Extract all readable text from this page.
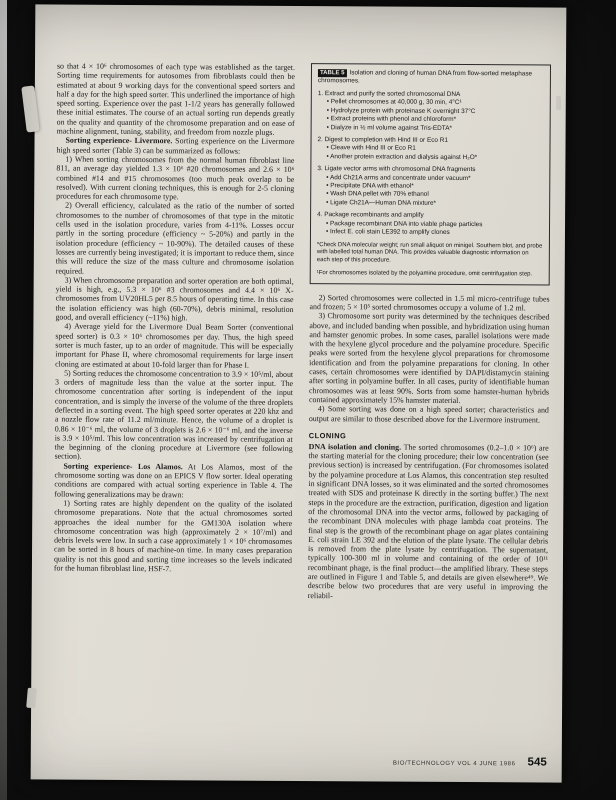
so that 4 × 10⁶ chromosomes of each type was established as the target. Sorting time requirements for autosomes from fibroblasts could then be estimated at about 9 working days for the conventional speed sorters and half a day for the high speed sorter. This underlined the importance of high speed sorting. Experience over the past 1-1/2 years has generally followed these initial estimates. The course of an actual sorting run depends greatly on the quality and quantity of the chromosome preparation and on ease of machine alignment, tuning, stability, and freedom from nozzle plugs.

Sorting experience- Livermore. Sorting experience on the Livermore high speed sorter (Table 3) can be summarized as follows:

1) When sorting chromosomes from the normal human fibroblast line 811, an average day yielded 1.3 × 10⁶ #20 chromosomes and 2.6 × 10⁶ combined #14 and #15 chromosomes (too much peak overlap to be resolved). With current cloning techniques, this is enough for 2-5 cloning procedures for each chromosome type.

2) Overall efficiency, calculated as the ratio of the number of sorted chromosomes to the number of chromosomes of that type in the mitotic cells used in the isolation procedure, varies from 4-11%. Losses occur partly in the sorting procedure (efficiency ~ 5-20%) and partly in the isolation procedure (efficiency ~ 10-90%). The detailed causes of these losses are currently being investigated; it is important to reduce them, since this will reduce the size of the mass culture and chromosome isolation required.

3) When chromosome preparation and sorter operation are both optimal, yield is high, e.g., 5.3 × 10⁶ #3 chromosomes and 4.4 × 10⁶ X-chromosomes from UV20HL5 per 8.5 hours of operating time. In this case the isolation efficiency was high (60-70%), debris minimal, resolution good, and overall efficiency (~11%) high.

4) Average yield for the Livermore Dual Beam Sorter (conventional speed sorter) is 0.3 × 10⁶ chromosomes per day. Thus, the high speed sorter is much faster, up to an order of magnitude. This will be especially important for Phase II, where chromosomal requirements for large insert cloning are estimated at about 10-fold larger than for Phase I.

5) Sorting reduces the chromosome concentration to 3.9 × 10⁵/ml, about 3 orders of magnitude less than the value at the sorter input. The chromosome concentration after sorting is independent of the input concentration, and is simply the inverse of the volume of the three droplets deflected in a sorting event. The high speed sorter operates at 220 khz and a nozzle flow rate of 11.2 ml/minute. Hence, the volume of a droplet is 0.86 × 10⁻⁶ ml, the volume of 3 droplets is 2.6 × 10⁻⁶ ml, and the inverse is 3.9 × 10⁵/ml. This low concentration was increased by centrifugation at the beginning of the cloning procedure at Livermore (see following section).

Sorting experience- Los Alamos. At Los Alamos, most of the chromosome sorting was done on an EPICS V flow sorter. Ideal operating conditions are compared with actual sorting experience in Table 4. The following generalizations may be drawn:

1) Sorting rates are highly dependent on the quality of the isolated chromosome preparations. Note that the actual chromosomes sorted approaches the ideal number for the GM130A isolation where chromosome concentration was high (approximately 2 × 10⁷/ml) and debris levels were low. In such a case approximately 1 × 10⁶ chromosomes can be sorted in 8 hours of machine-on time. In many cases preparation quality is not this good and sorting time increases so the levels indicated for the human fibroblast line, HSF-7.

TABLE 5 Isolation and cloning of human DNA from flow-sorted metaphase chromosomes.
1. Extract and purify the sorted chromosomal DNA
• Pellet chromosomes at 40,000 g, 30 min, 4°C¹
• Hydrolyze protein with proteinase K overnight 37°C
• Extract proteins with phenol and chloroform*
• Dialyze in ½ ml volume against Tris-EDTA*
2. Digest to completion with Hind III or Eco R1
• Cleave with Hind III or Eco R1
• Another protein extraction and dialysis against H₂O*
3. Ligate vector arms with chromosomal DNA fragments
• Add Ch21A arms and concentrate under vacuum*
• Precipitate DNA with ethanol*
• Wash DNA pellet with 70% ethanol
• Ligate Ch21A—Human DNA mixture*
4. Package recombinants and amplify
• Package recombinant DNA into viable phage particles
• Infect E. coli stain LE392 to amplify clones
*Check DNA molecular weight; run small aliquot on minigel. Southern blot, and probe with labelled total human DNA. This provides valuable diagnostic information on each step of this procedure.
¹For chromosomes isolated by the polyamine procedure, omit centrifugation step.

2) Sorted chromosomes were collected in 1.5 ml micro-centrifuge tubes and frozen; 5 × 10⁵ sorted chromosomes occupy a volume of 1.2 ml.

3) Chromosome sort purity was determined by the techniques described above, and included banding when possible, and hybridization using human and hamster genomic probes. In some cases, parallel isolations were made with the hexylene glycol procedure and the polyamine procedure. Specific peaks were sorted from the hexylene glycol preparations for chromosome identification and from the polyamine preparations for cloning. In other cases, certain chromosomes were identified by DAPI/distamycin staining after sorting in polyamine buffer. In all cases, purity of identifiable human chromosomes was at least 90%. Sorts from some hamster-human hybrids contained approximately 15% hamster material.

4) Some sorting was done on a high speed sorter; characteristics and output are similar to those described above for the Livermore instrument.

CLONING

DNA isolation and cloning. The sorted chromosomes (0.2–1.0 × 10⁶) are the starting material for the cloning procedure; their low concentration (see previous section) is increased by centrifugation. (For chromosomes isolated by the polyamine procedure at Los Alamos, this concentration step resulted in significant DNA losses, so it was eliminated and the sorted chromosomes treated with SDS and proteinase K directly in the sorting buffer.) The next steps in the procedure are the extraction, purification, digestion and ligation of the chromosomal DNA into the vector arms, followed by packaging of the recombinant DNA molecules with phage lambda coat proteins. The final step is the growth of the recombinant phage on agar plates containing E. coli strain LE 392 and the elution of the plate lysate. The cellular debris is removed from the plate lysate by centrifugation. The supernatant, typically 100-300 ml in volume and containing of the order of 10¹¹ recombinant phage, is the final product—the amplified library. These steps are outlined in Figure 1 and Table 5, and details are given elsewhere⁴⁹. We describe below two procedures that are very useful in improving the reliabil-

BIO/TECHNOLOGY VOL 4 JUNE 1986 545
